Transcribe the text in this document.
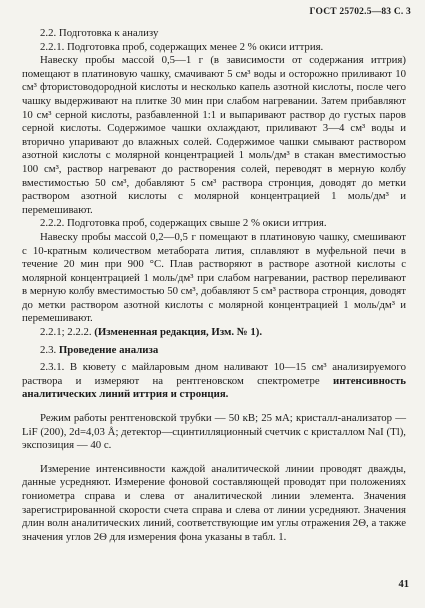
ГОСТ 25702.5—83 С. 3

2.2. Подготовка к анализу

2.2.1. Подготовка проб, содержащих менее 2 % окиси иттрия.

Навеску пробы массой 0,5—1 г (в зависимости от содержания иттрия) помещают в платиновую чашку, смачивают 5 см³ воды и осторожно приливают 10 см³ фтористоводородной кислоты и несколько капель азотной кислоты, после чего чашку выдерживают на плитке 30 мин при слабом нагревании. Затем прибавляют 10 см³ серной кислоты, разбавленной 1:1 и выпаривают раствор до густых паров серной кислоты. Содержимое чашки охлаждают, приливают 3—4 см³ воды и вторично упаривают до влажных солей. Содержимое чашки смывают раствором азотной кислоты с молярной концентрацией 1 моль/дм³ в стакан вместимостью 100 см³, раствор нагревают до растворения солей, переводят в мерную колбу вместимостью 50 см³, добавляют 5 см³ раствора стронция, доводят до метки раствором азотной кислоты с молярной концентрацией 1 моль/дм³ и перемешивают.

2.2.2. Подготовка проб, содержащих свыше 2 % окиси иттрия.

Навеску пробы массой 0,2—0,5 г помещают в платиновую чашку, смешивают с 10-кратным количеством метабората лития, сплавляют в муфельной печи в течение 20 мин при 900 °С. Плав растворяют в растворе азотной кислоты с молярной концентрацией 1 моль/дм³ при слабом нагревании, раствор переливают в мерную колбу вместимостью 50 см³, добавляют 5 см³ раствора стронция, доводят до метки раствором азотной кислоты с молярной концентрацией 1 моль/дм³ и перемешивают.

2.2.1; 2.2.2. (Измененная редакция, Изм. № 1).

2.3. Проведение анализа

2.3.1. В кювету с майларовым дном наливают 10—15 см³ анализируемого раствора и измеряют на рентгеновском спектрометре интенсивность аналитических линий иттрия и стронция.

Режим работы рентгеновской трубки — 50 кВ; 25 мА; кристалл-анализатор — LiF (200), 2d=4,03 Å; детектор—сцинтилляционный счетчик с кристаллом NaI (Tl), экспозиция — 40 с.

Измерение интенсивности каждой аналитической линии проводят дважды, данные усредняют. Измерение фоновой составляющей проводят при положениях гониометра справа и слева от аналитической линии элемента. Значения зарегистрированной скорости счета справа и слева от линии усредняют. Значения длин волн аналитических линий, соответствующие им углы отражения 2Θ, а также значения углов 2Θ для измерения фона указаны в табл. 1.

41
